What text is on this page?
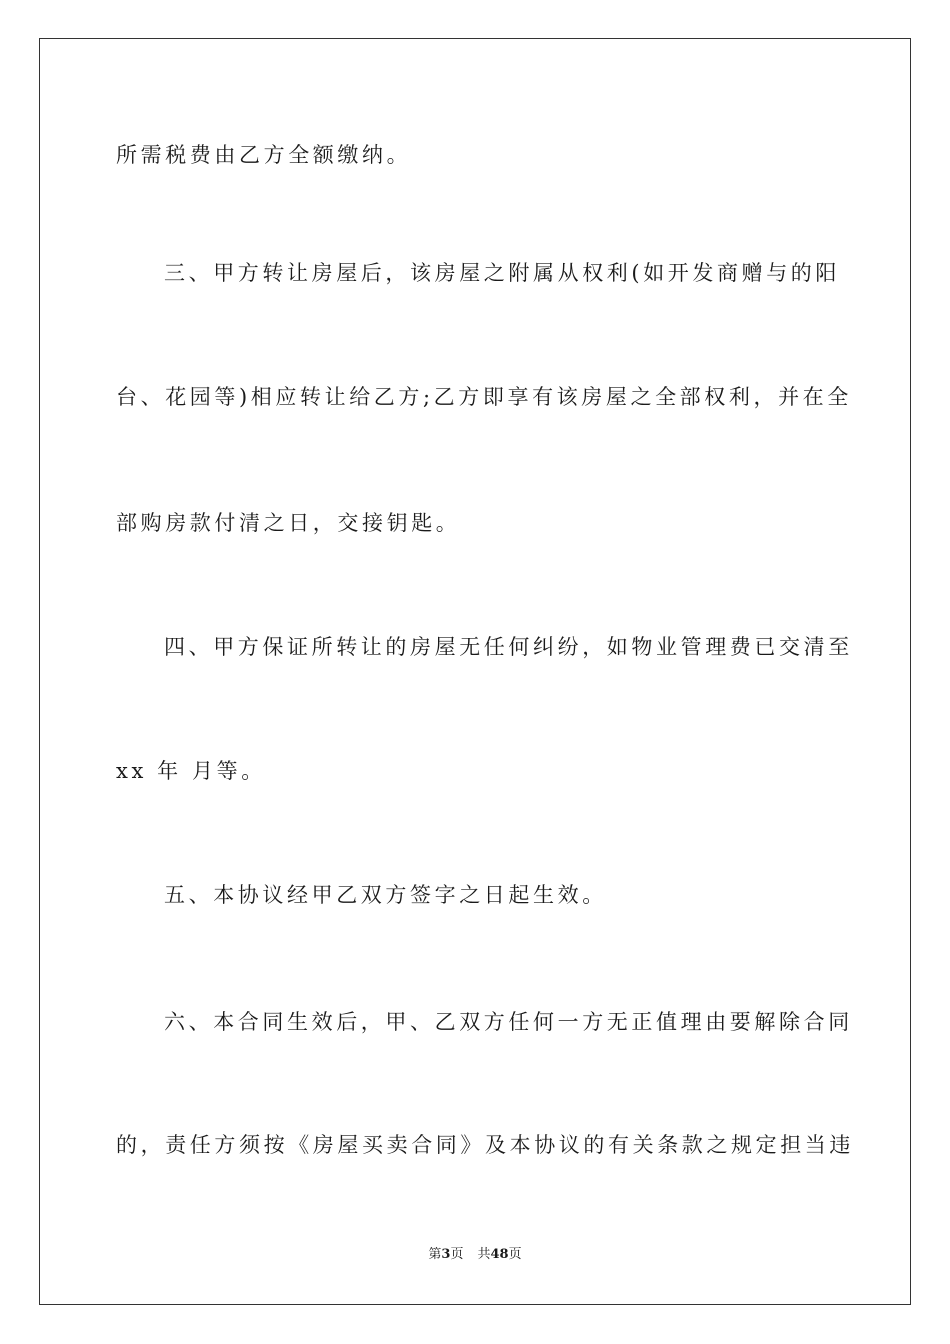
所需税费由乙方全额缴纳。
三、甲方转让房屋后，该房屋之附属从权利(如开发商赠与的阳
台、花园等)相应转让给乙方;乙方即享有该房屋之全部权利，并在全
部购房款付清之日，交接钥匙。
四、甲方保证所转让的房屋无任何纠纷，如物业管理费已交清至
xx 年 月等。
五、本协议经甲乙双方签字之日起生效。
六、本合同生效后，甲、乙双方任何一方无正值理由要解除合同
的，责任方须按《房屋买卖合同》及本协议的有关条款之规定担当违
第3页 共48页
